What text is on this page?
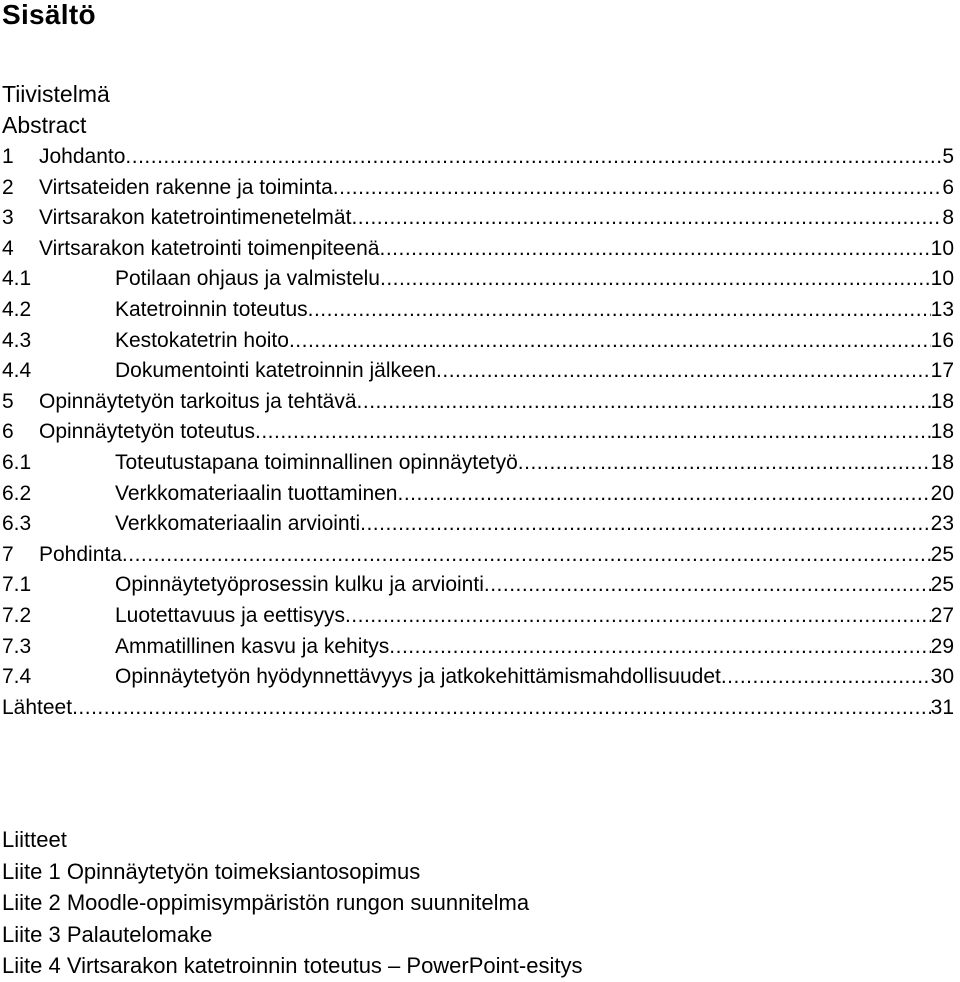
Sisältö
Tiivistelmä
Abstract
1	Johdanto .....	5
2	Virtsateiden rakenne ja toiminta .....	6
3	Virtsarakon katetrointimenetelmät .....	8
4	Virtsarakon katetrointi toimenpiteenä .....	10
4.1	Potilaan ohjaus ja valmistelu .....	10
4.2	Katetroinnin toteutus .....	13
4.3	Kestokatetrin hoito .....	16
4.4	Dokumentointi katetroinnin jälkeen .....	17
5	Opinnäytetyön tarkoitus ja tehtävä .....	18
6	Opinnäytetyön toteutus .....	18
6.1	Toteutustapana toiminnallinen opinnäytetyö .....	18
6.2	Verkkomateriaalin tuottaminen .....	20
6.3	Verkkomateriaalin arviointi .....	23
7	Pohdinta .....	25
7.1	Opinnäytetyöprosessin kulku ja arviointi .....	25
7.2	Luotettavuus ja eettisyys .....	27
7.3	Ammatillinen kasvu ja kehitys .....	29
7.4	Opinnäytetyön hyödynnettävyys ja jatkokehittämismahdollisuudet .....	30
Lähteet .....	31
Liitteet
Liite 1 Opinnäytetyön toimeksiantosopimus
Liite 2 Moodle-oppimisympäristön rungon suunnitelma
Liite 3 Palautelomake
Liite 4 Virtsarakon katetroinnin toteutus – PowerPoint-esitys
